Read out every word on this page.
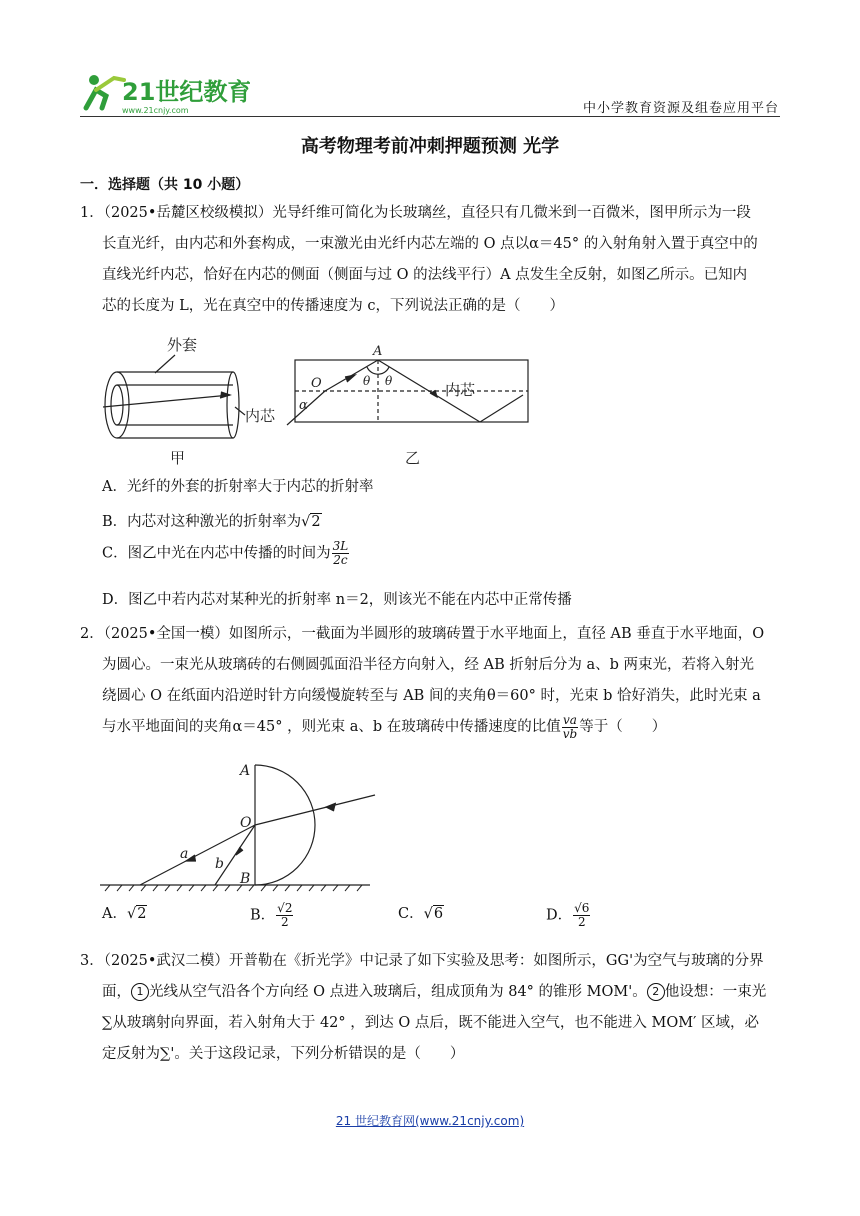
21世纪教育
www.21cnjy.com	中小学教育资源及组卷应用平台
高考物理考前冲刺押题预测 光学
一．选择题（共 10 小题）
1．（2025•岳麓区校级模拟）光导纤维可简化为长玻璃丝，直径只有几微米到一百微米，图甲所示为一段
长直光纤，由内芯和外套构成，一束激光由光纤内芯左端的 O 点以α＝45° 的入射角射入置于真空中的
直线光纤内芯，恰好在内芯的侧面（侧面与过 O 的法线平行）A 点发生全反射，如图乙所示。已知内
芯的长度为 L，光在真空中的传播速度为 c，下列说法正确的是（　　）
外套
内芯
甲	乙
A
O
α
θ θ	内芯
A．光纤的外套的折射率大于内芯的折射率
B．内芯对这种激光的折射率为√2
C．图乙中光在内芯中传播的时间为 $\frac{3L}{2c}$
D．图乙中若内芯对某种光的折射率 n＝2，则该光不能在内芯中正常传播
2．（2025•全国一模）如图所示，一截面为半圆形的玻璃砖置于水平地面上，直径 AB 垂直于水平地面，O
为圆心。一束光从玻璃砖的右侧圆弧面沿半径方向射入，经 AB 折射后分为 a、b 两束光，若将入射光
绕圆心 O 在纸面内沿逆时针方向缓慢旋转至与 AB 间的夹角θ＝60° 时，光束 b 恰好消失，此时光束 a
与水平地面间的夹角α＝45° ，则光束 a、b 在玻璃砖中传播速度的比值 $\frac{va}{vb}$ 等于（　　）
A
O
B
a
b
A．√2	B． $\frac{√2}{2}$	C．√6	D． $\frac{√6}{2}$
3．（2025•武汉二模）开普勒在《折光学》中记录了如下实验及思考：如图所示，GG'为空气与玻璃的分界
面， 1 光线从空气沿各个方向经 O 点进入玻璃后，组成顶角为 84° 的锥形 MOM'。 2 他设想：一束光
∑从玻璃射向界面，若入射角大于 42° ，到达 O 点后，既不能进入空气，也不能进入 MOM′ 区域，必
定反射为∑'。关于这段记录，下列分析错误的是（　　）
21 世纪教育网(www.21cnjy.com)
